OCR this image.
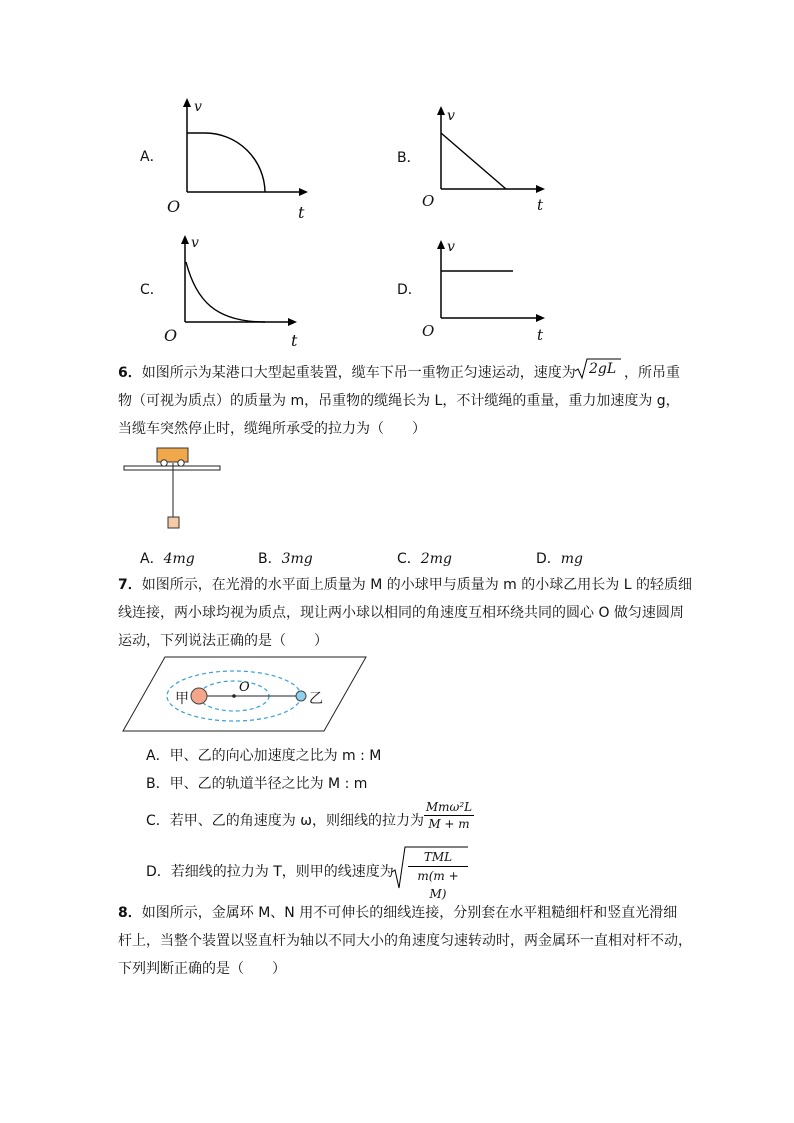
A．
v
O	t
B．
v
O	t
C．
v
O	t
D．
v
O	t
6．如图所示为某港口大型起重装置，缆车下吊一重物正匀速运动，速度为 2gL ，所吊重
物（可视为质点）的质量为 m，吊重物的缆绳长为 L，不计缆绳的重量，重力加速度为 g，
当缆车突然停止时，缆绳所承受的拉力为（　　）
A．4mg	B．3mg	C．2mg	D．mg
7．如图所示，在光滑的水平面上质量为 M 的小球甲与质量为 m 的小球乙用长为 L 的轻质细
线连接，两小球均视为质点，现让两小球以相同的角速度互相环绕共同的圆心 O 做匀速圆周
运动，下列说法正确的是（　　）
甲	乙
O
A．甲、乙的向心加速度之比为 m : M
B．甲、乙的轨道半径之比为 M : m
C．若甲、乙的角速度为 ω，则细线的拉力为
Mmω²L
M + m
D．若细线的拉力为 T，则甲的线速度为
TML
m(m + M)
8．如图所示，金属环 M、N 用不可伸长的细线连接，分别套在水平粗糙细杆和竖直光滑细
杆上，当整个装置以竖直杆为轴以不同大小的角速度匀速转动时，两金属环一直相对杆不动，
下列判断正确的是（　　）
